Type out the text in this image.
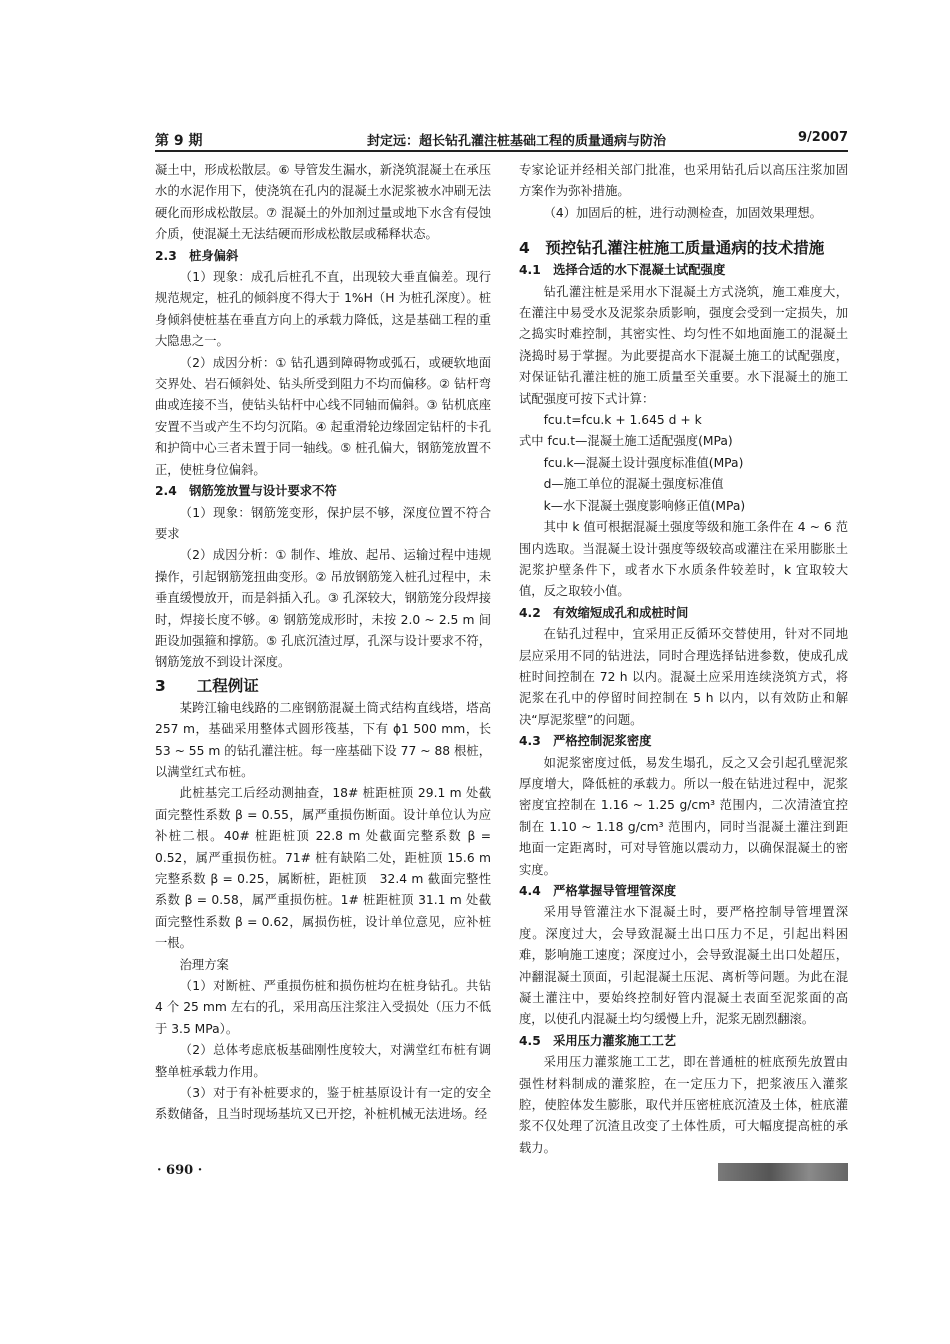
第 9 期	封定远：超长钻孔灌注桩基础工程的质量通病与防治	9/2007

凝土中，形成松散层。⑥ 导管发生漏水，新浇筑混凝土在承压水的水泥作用下，使浇筑在孔内的混凝土水泥浆被水冲刷无法硬化而形成松散层。⑦ 混凝土的外加剂过量或地下水含有侵蚀介质，使混凝土无法结硬而形成松散层或稀释状态。

2.3　桩身偏斜

（1）现象：成孔后桩孔不直，出现较大垂直偏差。现行规范规定，桩孔的倾斜度不得大于 1%H（H 为桩孔深度）。桩身倾斜使桩基在垂直方向上的承载力降低，这是基础工程的重大隐患之一。

（2）成因分析：① 钻孔遇到障碍物或弧石，或硬软地面交界处、岩石倾斜处、钻头所受到阻力不均而偏移。② 钻杆弯曲或连接不当，使钻头钻杆中心线不同轴而偏斜。③ 钻机底座安置不当或产生不均匀沉陷。④ 起重滑轮边缘固定钻杆的卡孔和护筒中心三者未置于同一轴线。⑤ 桩孔偏大，钢筋笼放置不正，使桩身位偏斜。

2.4　钢筋笼放置与设计要求不符

（1）现象：钢筋笼变形，保护层不够，深度位置不符合要求

（2）成因分析：① 制作、堆放、起吊、运输过程中违规操作，引起钢筋笼扭曲变形。② 吊放钢筋笼入桩孔过程中，未垂直缓慢放开，而是斜插入孔。③ 孔深较大，钢筋笼分段焊接时，焊接长度不够。④ 钢筋笼成形时，未按 2.0 ~ 2.5 m 间距设加强箍和撑筋。⑤ 孔底沉渣过厚，孔深与设计要求不符，钢筋笼放不到设计深度。

3　　工程例证

某跨江输电线路的二座钢筋混凝土筒式结构直线塔，塔高 257 m，基础采用整体式圆形筏基，下有 ϕ1 500 mm，长 53 ~ 55 m 的钻孔灌注桩。每一座基础下设 77 ~ 88 根桩，以满堂红式布桩。

此桩基完工后经动测抽查，18# 桩距桩顶 29.1 m 处截面完整性系数 β = 0.55，属严重损伤断面。设计单位认为应补桩二根。40# 桩距桩顶 22.8 m 处截面完整系数 β = 0.52，属严重损伤桩。71# 桩有缺陷二处，距桩顶 15.6 m 完整系数 β = 0.25，属断桩，距桩顶　32.4 m 截面完整性系数 β = 0.58，属严重损伤桩。1# 桩距桩顶 31.1 m 处截面完整性系数 β = 0.62，属损伤桩，设计单位意见，应补桩一根。

治理方案

（1）对断桩、严重损伤桩和损伤桩均在桩身钻孔。共钻 4 个 25 mm 左右的孔，采用高压注浆注入受损处（压力不低于 3.5 MPa）。

（2）总体考虑底板基础刚性度较大，对满堂红布桩有调整单桩承载力作用。

（3）对于有补桩要求的，鉴于桩基原设计有一定的安全系数储备，且当时现场基坑又已开挖，补桩机械无法进场。经

专家论证并经相关部门批准，也采用钻孔后以高压注浆加固方案作为弥补措施。

（4）加固后的桩，进行动测检查，加固效果理想。

4　预控钻孔灌注桩施工质量通病的技术措施

4.1　选择合适的水下混凝土试配强度

钻孔灌注桩是采用水下混凝土方式浇筑，施工难度大，在灌注中易受水及泥浆杂质影响，强度会受到一定损失，加之捣实时难控制，其密实性、均匀性不如地面施工的混凝土浇捣时易于掌握。为此要提高水下混凝土施工的试配强度，对保证钻孔灌注桩的施工质量至关重要。水下混凝土的施工试配强度可按下式计算：

fcu.t=fcu.k + 1.645 d + k

式中 fcu.t—混凝土施工适配强度(MPa)

fcu.k—混凝土设计强度标准值(MPa)

d—施工单位的混凝土强度标准值

k—水下混凝土强度影响修正值(MPa)

其中 k 值可根据混凝土强度等级和施工条件在 4 ~ 6 范围内选取。当混凝土设计强度等级较高或灌注在采用膨胀土泥浆护壁条件下，或者水下水质条件较差时，k 宜取较大值，反之取较小值。

4.2　有效缩短成孔和成桩时间

在钻孔过程中，宜采用正反循环交替使用，针对不同地层应采用不同的钻进法，同时合理选择钻进参数，使成孔成桩时间控制在 72 h 以内。混凝土应采用连续浇筑方式，将泥浆在孔中的停留时间控制在 5 h 以内，以有效防止和解决“厚泥浆壁”的问题。

4.3　严格控制泥浆密度

如泥浆密度过低，易发生塌孔，反之又会引起孔壁泥浆厚度增大，降低桩的承载力。所以一般在钻进过程中，泥浆密度宜控制在 1.16 ~ 1.25 g/cm³ 范围内，二次清渣宜控制在 1.10 ~ 1.18 g/cm³ 范围内，同时当混凝土灌注到距地面一定距离时，可对导管施以震动力，以确保混凝土的密实度。

4.4　严格掌握导管埋管深度

采用导管灌注水下混凝土时，要严格控制导管埋置深度。深度过大，会导致混凝土出口压力不足，引起出料困难，影响施工速度；深度过小，会导致混凝土出口处超压，冲翻混凝土顶面，引起混凝土压泥、离析等问题。为此在混凝土灌注中，要始终控制好管内混凝土表面至泥浆面的高度，以使孔内混凝土均匀缓慢上升，泥浆无剧烈翻滚。

4.5　采用压力灌浆施工工艺

采用压力灌浆施工工艺，即在普通桩的桩底预先放置由强性材料制成的灌浆腔，在一定压力下，把浆液压入灌浆腔，使腔体发生膨胀，取代并压密桩底沉渣及土体，桩底灌浆不仅处理了沉渣且改变了土体性质，可大幅度提高桩的承载力。

· 690 ·
